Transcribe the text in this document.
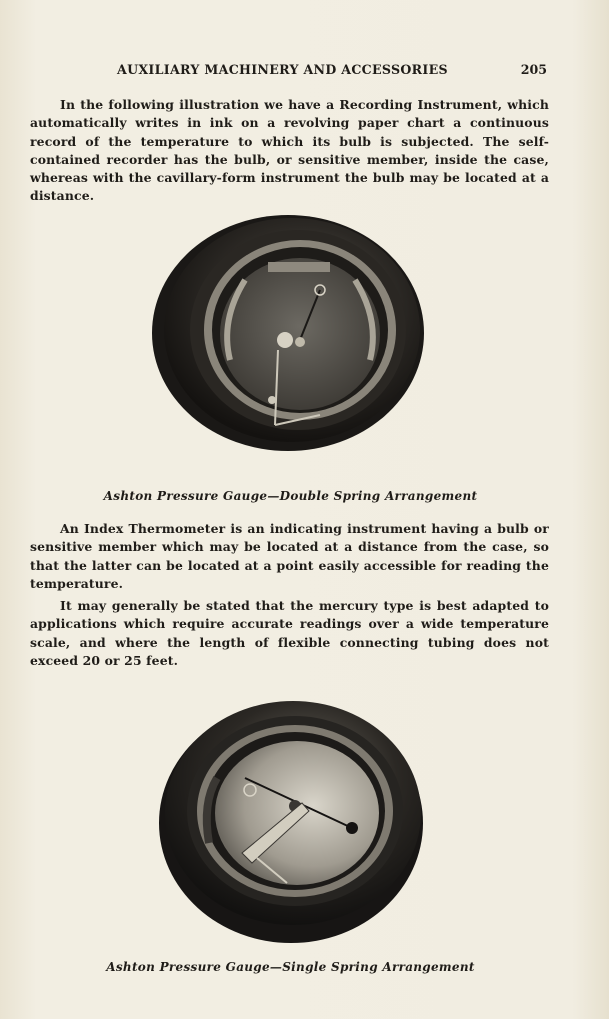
AUXILIARY MACHINERY AND ACCESSORIES	205

In the following illustration we have a Recording Instrument, which automatically writes in ink on a revolving paper chart a continuous record of the temperature to which its bulb is subjected. The self-contained recorder has the bulb, or sensitive member, inside the case, whereas with the cavillary-form instrument the bulb may be located at a distance.

Ashton Pressure Gauge—Double Spring Arrangement

An Index Thermometer is an indicating instrument having a bulb or sensitive member which may be located at a distance from the case, so that the latter can be located at a point easily accessible for reading the temperature.

It may generally be stated that the mercury type is best adapted to applications which require accurate readings over a wide temperature scale, and where the length of flexible connecting tubing does not exceed 20 or 25 feet.

Ashton Pressure Gauge—Single Spring Arrangement
